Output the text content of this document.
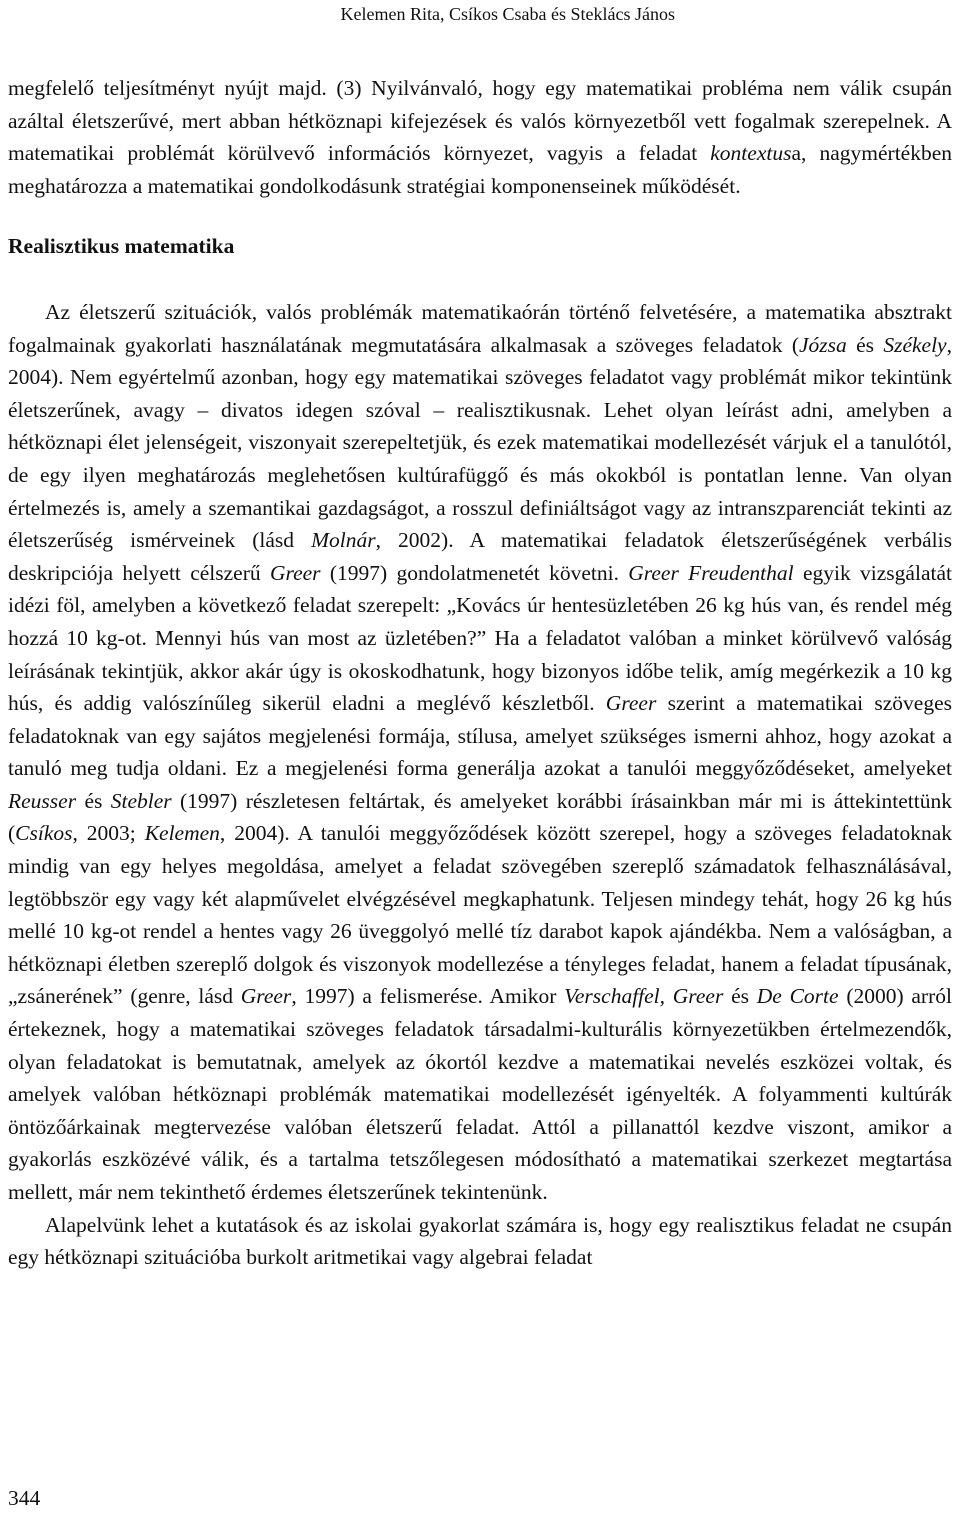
Kelemen Rita, Csíkos Csaba és Steklács János

megfelelő teljesítményt nyújt majd. (3) Nyilvánvaló, hogy egy matematikai probléma nem válik csupán azáltal életszerűvé, mert abban hétköznapi kifejezések és valós környezetből vett fogalmak szerepelnek. A matematikai problémát körülvevő információs környezet, vagyis a feladat kontextusa, nagymértékben meghatározza a matematikai gondolkodásunk stratégiai komponenseinek működését.

Realisztikus matematika

Az életszerű szituációk, valós problémák matematikaórán történő felvetésére, a matematika absztrakt fogalmainak gyakorlati használatának megmutatására alkalmasak a szöveges feladatok (Józsa és Székely, 2004). Nem egyértelmű azonban, hogy egy matematikai szöveges feladatot vagy problémát mikor tekintünk életszerűnek, avagy – divatos idegen szóval – realisztikusnak. Lehet olyan leírást adni, amelyben a hétköznapi élet jelenségeit, viszonyait szerepeltetjük, és ezek matematikai modellezését várjuk el a tanulótól, de egy ilyen meghatározás meglehetősen kultúrafüggő és más okokból is pontatlan lenne. Van olyan értelmezés is, amely a szemantikai gazdagságot, a rosszul definiáltságot vagy az intranszparenciát tekinti az életszerűség ismérveinek (lásd Molnár, 2002). A matematikai feladatok életszerűségének verbális deskripciója helyett célszerű Greer (1997) gondolatmenetét követni. Greer Freudenthal egyik vizsgálatát idézi föl, amelyben a következő feladat szerepelt: „Kovács úr hentesüzletében 26 kg hús van, és rendel még hozzá 10 kg-ot. Mennyi hús van most az üzletében?” Ha a feladatot valóban a minket körülvevő valóság leírásának tekintjük, akkor akár úgy is okoskodhatunk, hogy bizonyos időbe telik, amíg megérkezik a 10 kg hús, és addig valószínűleg sikerül eladni a meglévő készletből. Greer szerint a matematikai szöveges feladatoknak van egy sajátos megjelenési formája, stílusa, amelyet szükséges ismerni ahhoz, hogy azokat a tanuló meg tudja oldani. Ez a megjelenési forma generálja azokat a tanulói meggyőződéseket, amelyeket Reusser és Stebler (1997) részletesen feltártak, és amelyeket korábbi írásainkban már mi is áttekintettünk (Csíkos, 2003; Kelemen, 2004). A tanulói meggyőződések között szerepel, hogy a szöveges feladatoknak mindig van egy helyes megoldása, amelyet a feladat szövegében szereplő számadatok felhasználásával, legtöbbször egy vagy két alapművelet elvégzésével megkaphatunk. Teljesen mindegy tehát, hogy 26 kg hús mellé 10 kg-ot rendel a hentes vagy 26 üveggolyó mellé tíz darabot kapok ajándékba. Nem a valóságban, a hétköznapi életben szereplő dolgok és viszonyok modellezése a tényleges feladat, hanem a feladat típusának, „zsánerének” (genre, lásd Greer, 1997) a felismerése. Amikor Verschaffel, Greer és De Corte (2000) arról értekeznek, hogy a matematikai szöveges feladatok társadalmi-kulturális környezetükben értelmezendők, olyan feladatokat is bemutatnak, amelyek az ókortól kezdve a matematikai nevelés eszközei voltak, és amelyek valóban hétköznapi problémák matematikai modellezését igényelték. A folyammenti kultúrák öntözőárkainak megtervezése valóban életszerű feladat. Attól a pillanattól kezdve viszont, amikor a gyakorlás eszközévé válik, és a tartalma tetszőlegesen módosítható a matematikai szerkezet megtartása mellett, már nem tekinthető érdemes életszerűnek tekintenünk.

Alapelvünk lehet a kutatások és az iskolai gyakorlat számára is, hogy egy realisztikus feladat ne csupán egy hétköznapi szituációba burkolt aritmetikai vagy algebrai feladat

344
